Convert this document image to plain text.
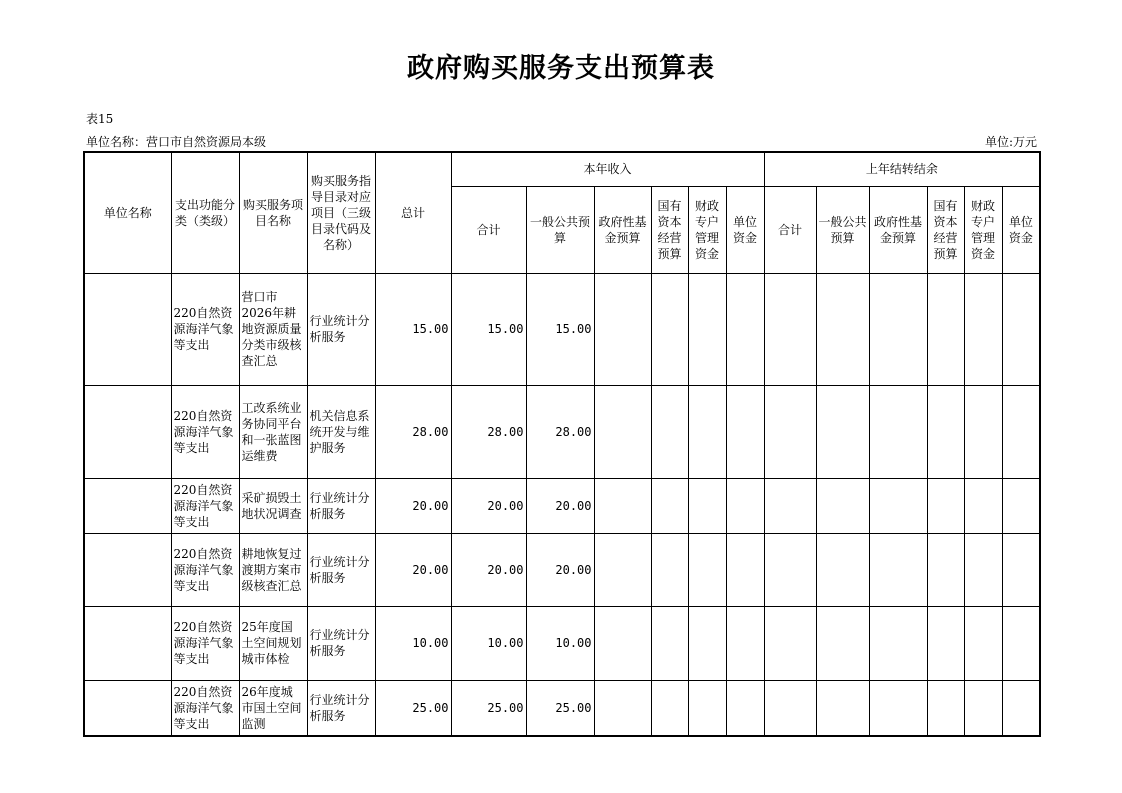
政府购买服务支出预算表
表15
单位名称：营口市自然资源局本级	单位:万元
单位名称	支出功能分类（类级）	购买服务项目名称	购买服务指导目录对应项目（三级目录代码及名称）	总计	本年收入						上年结转结余					
					合计	一般公共预算	政府性基金预算	国有资本经营预算	财政专户管理资金	单位资金	合计	一般公共预算	政府性基金预算	国有资本经营预算	财政专户管理资金	单位资金
	220自然资源海洋气象等支出	营口市2026年耕地资源质量分类市级核查汇总	行业统计分析服务	15.00	15.00	15.00										
	220自然资源海洋气象等支出	工改系统业务协同平台和一张蓝图运维费	机关信息系统开发与维护服务	28.00	28.00	28.00										
	220自然资源海洋气象等支出	采矿损毁土地状况调查	行业统计分析服务	20.00	20.00	20.00										
	220自然资源海洋气象等支出	耕地恢复过渡期方案市级核查汇总	行业统计分析服务	20.00	20.00	20.00										
	220自然资源海洋气象等支出	25年度国土空间规划城市体检	行业统计分析服务	10.00	10.00	10.00										
	220自然资源海洋气象等支出	26年度城市国土空间监测	行业统计分析服务	25.00	25.00	25.00										
